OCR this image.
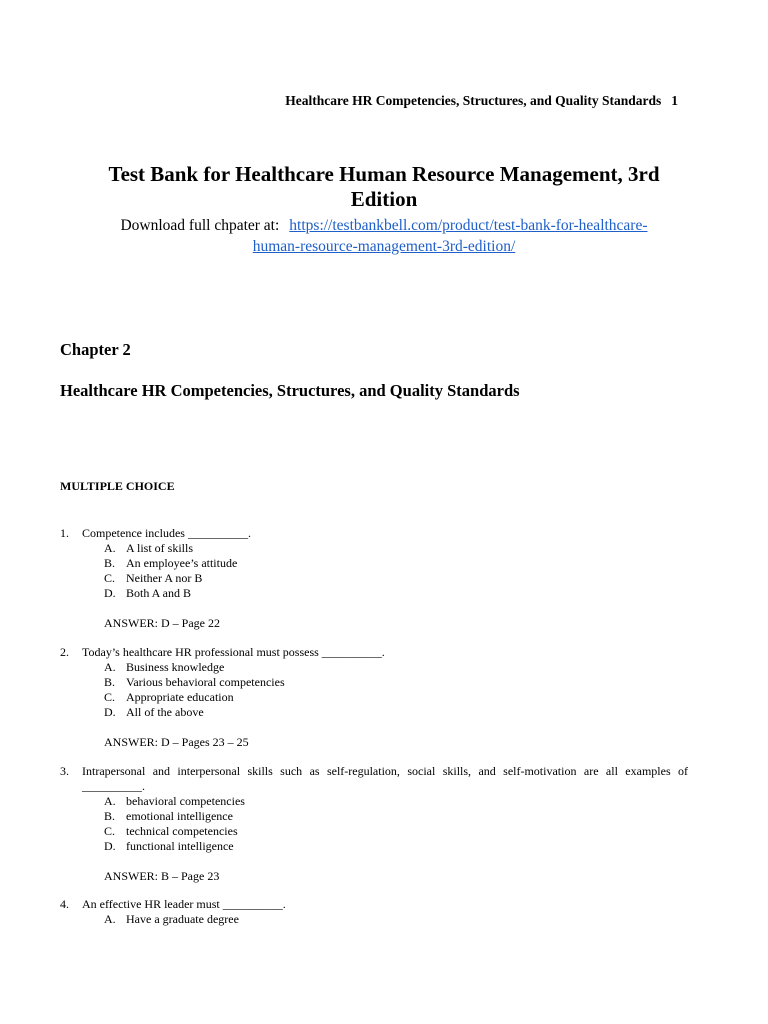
Healthcare HR Competencies, Structures, and Quality Standards 1
Test Bank for Healthcare Human Resource Management, 3rd
Edition
Download full chpater at: https://testbankbell.com/product/test-bank-for-healthcare-
human-resource-management-3rd-edition/
Chapter 2
Healthcare HR Competencies, Structures, and Quality Standards
MULTIPLE CHOICE
1.	Competence includes __________.
A. A list of skills
B. An employee’s attitude
C. Neither A nor B
D. Both A and B
ANSWER: D – Page 22
2.	Today’s healthcare HR professional must possess __________.
A. Business knowledge
B. Various behavioral competencies
C. Appropriate education
D. All of the above
ANSWER: D – Pages 23 – 25
3.	Intrapersonal and interpersonal skills such as self-regulation, social skills, and self-motivation are all examples of
__________.
A. behavioral competencies
B. emotional intelligence
C. technical competencies
D. functional intelligence
ANSWER: B – Page 23
4.	An effective HR leader must __________.
A. Have a graduate degree
